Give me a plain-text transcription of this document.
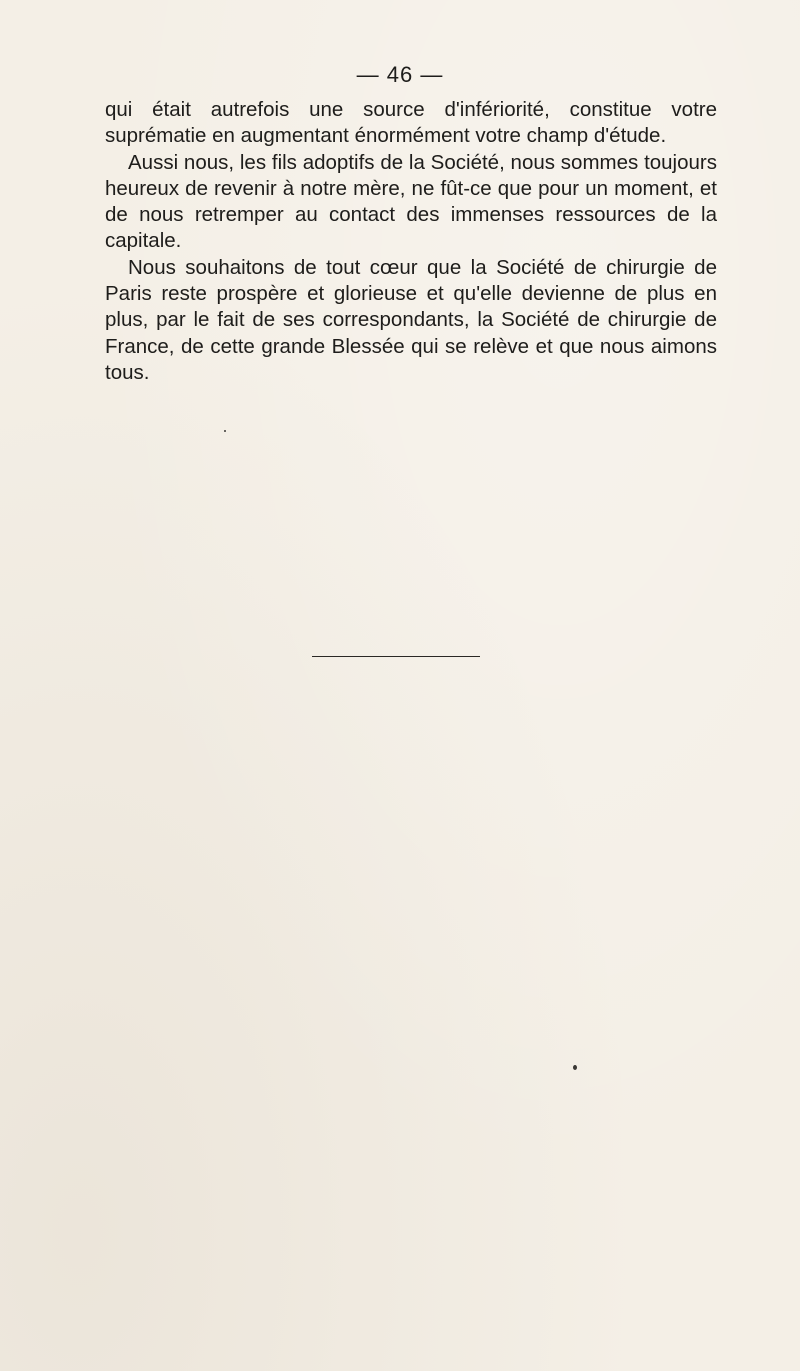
— 46 —

qui était autrefois une source d'infériorité, constitue votre suprématie en augmentant énormément votre champ d'étude.

Aussi nous, les fils adoptifs de la Société, nous sommes toujours heureux de revenir à notre mère, ne fût-ce que pour un moment, et de nous retremper au contact des immenses ressources de la capitale.

Nous souhaitons de tout cœur que la Société de chirurgie de Paris reste prospère et glorieuse et qu'elle devienne de plus en plus, par le fait de ses correspondants, la Société de chirurgie de France, de cette grande Blessée qui se relève et que nous aimons tous.
